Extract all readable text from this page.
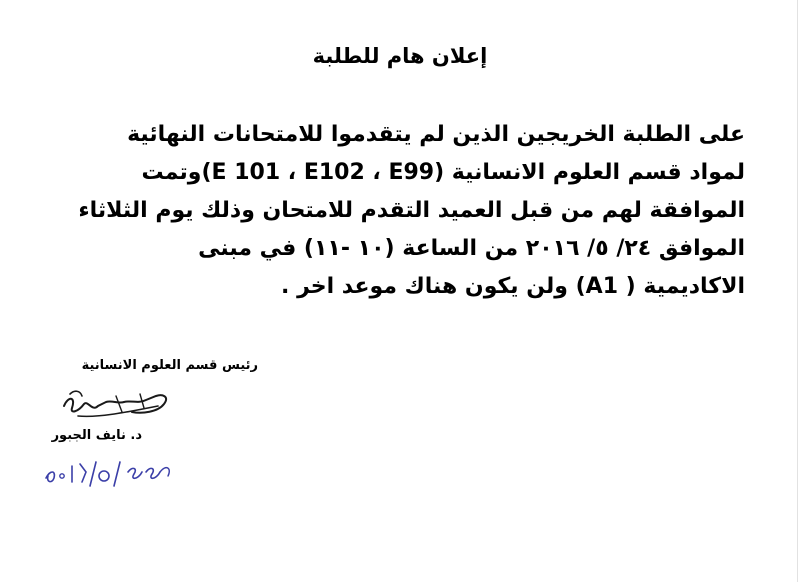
إعلان هام للطلبة

على الطلبة الخريجين الذين لم يتقدموا للامتحانات النهائية
لمواد قسم العلوم الانسانية (E 101 ، E102 ، E99)وتمت
الموافقة لهم من قبل العميد التقدم للامتحان وذلك يوم الثلاثاء
الموافق ٢٤/ ٥/ ٢٠١٦ من الساعة (١٠ -١١) في مبنى
الاكاديمية ( A1) ولن يكون هناك موعد اخر .

رئيس قسم العلوم الانسانية
د. نايف الجبور
